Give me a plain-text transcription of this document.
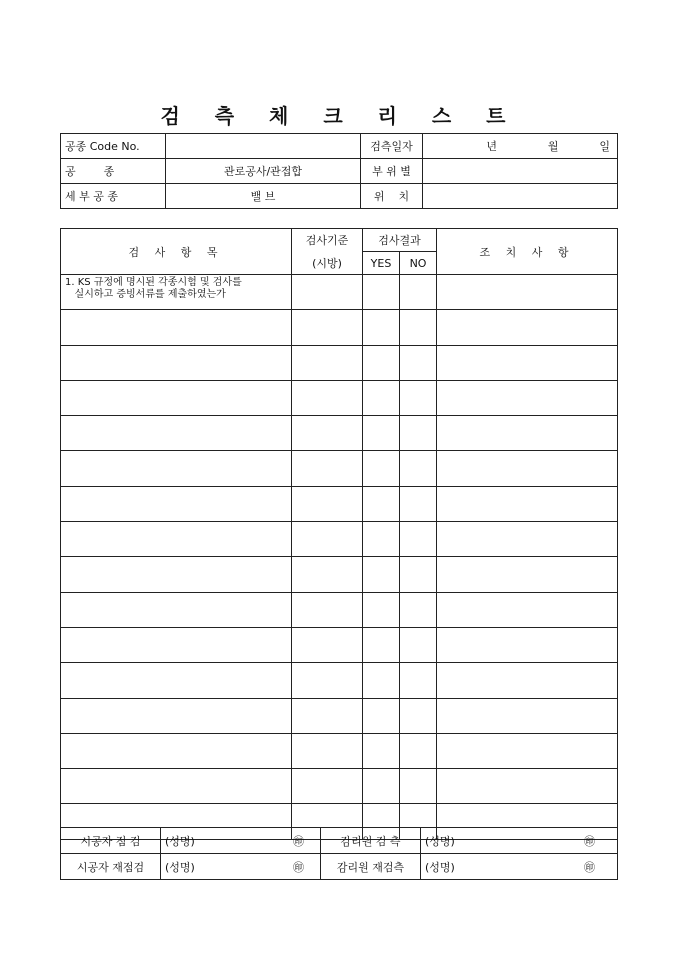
검 측 체 크 리 스 트
공종 Code No.		검측일자	년 월 일
공        종	관로공사/관접합	부 위 별	
세 부 공 종	밸 브	위    치	
검 사 항 목	검사기준	검사결과		조 치 사 항
	(시방)	YES	NO	
1. KS 규정에 명시된 각종시험 및 검사를
실시하고 증빙서류를 제출하였는가				

시공자 점 검	(성명) ㊞	감리원 검 측	(성명) ㊞

시공자 재점검	(성명) ㊞	감리원 재검측	(성명) ㊞
